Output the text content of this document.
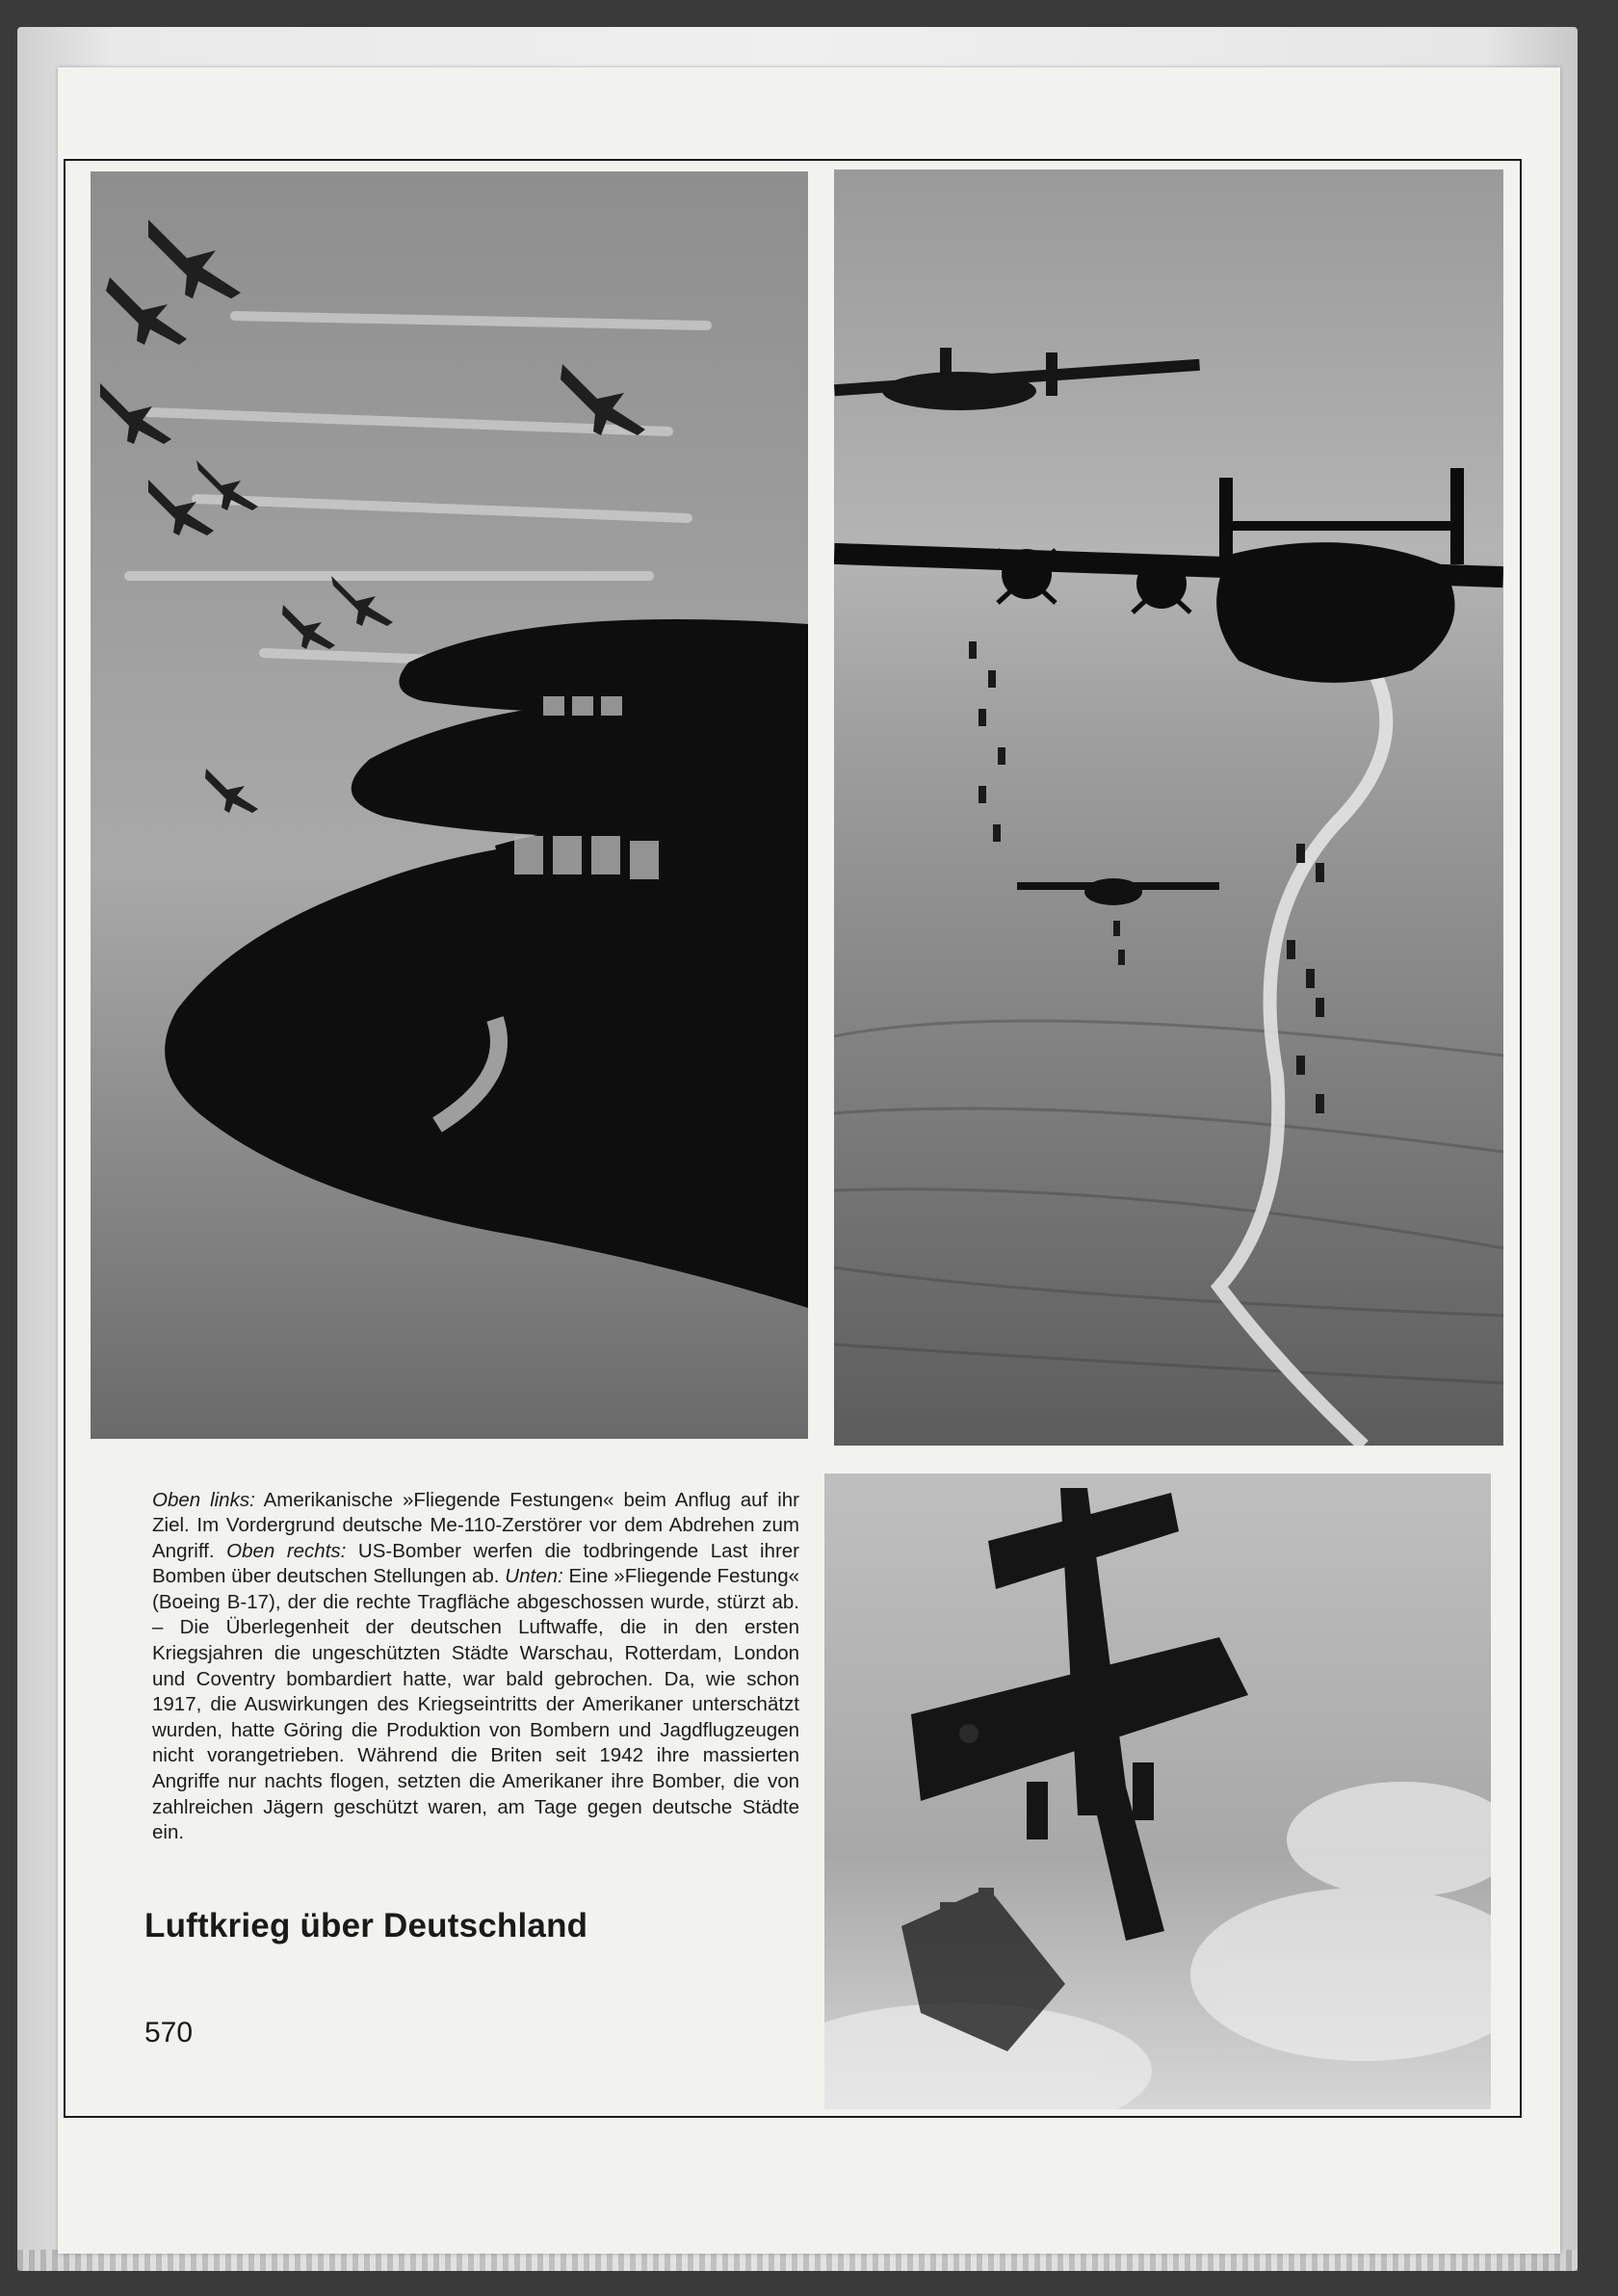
Oben links: Amerikanische »Fliegende Festungen« beim Anflug auf ihr Ziel. Im Vordergrund deutsche Me-110-Zerstörer vor dem Abdrehen zum Angriff. Oben rechts: US-Bomber werfen die todbringende Last ihrer Bomben über deutschen Stellungen ab. Unten: Eine »Fliegende Festung« (Boeing B-17), der die rechte Tragfläche abgeschossen wurde, stürzt ab. – Die Überlegenheit der deutschen Luftwaffe, die in den ersten Kriegsjahren die ungeschützten Städte Warschau, Rotterdam, London und Coventry bombardiert hatte, war bald gebrochen. Da, wie schon 1917, die Auswirkungen des Kriegseintritts der Amerikaner unterschätzt wurden, hatte Göring die Produktion von Bombern und Jagdflugzeugen nicht vorangetrieben. Während die Briten seit 1942 ihre massierten Angriffe nur nachts flogen, setzten die Amerikaner ihre Bomber, die von zahlreichen Jägern geschützt waren, am Tage gegen deutsche Städte ein.

Luftkrieg über Deutschland
570
